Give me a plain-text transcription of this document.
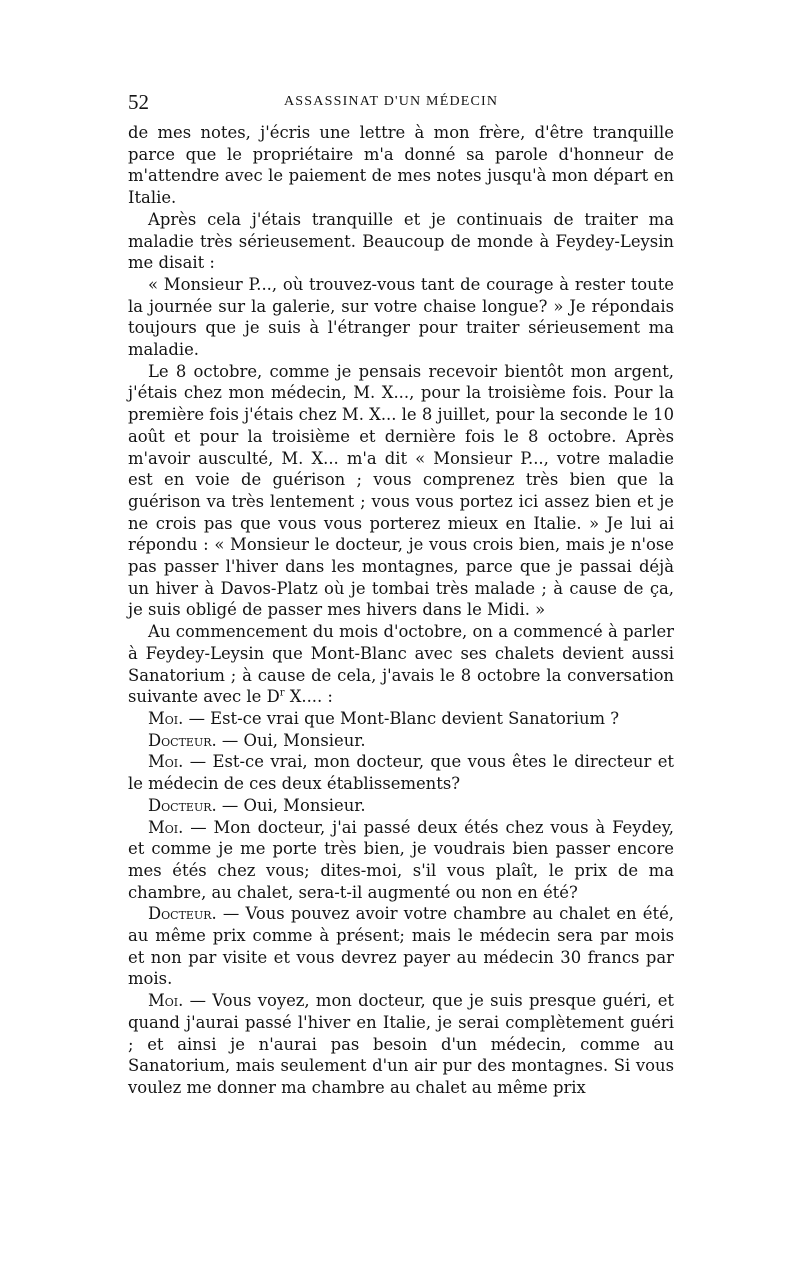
52	ASSASSINAT D'UN MÉDECIN

de mes notes, j'écris une lettre à mon frère, d'être tranquille parce que le propriétaire m'a donné sa parole d'honneur de m'attendre avec le paiement de mes notes jusqu'à mon départ en Italie.

Après cela j'étais tranquille et je continuais de traiter ma maladie très sérieusement. Beaucoup de monde à Feydey-Leysin me disait :

« Monsieur P..., où trouvez-vous tant de courage à rester toute la journée sur la galerie, sur votre chaise longue? » Je répondais toujours que je suis à l'étranger pour traiter sérieusement ma maladie.

Le 8 octobre, comme je pensais recevoir bientôt mon argent, j'étais chez mon médecin, M. X..., pour la troisième fois. Pour la première fois j'étais chez M. X... le 8 juillet, pour la seconde le 10 août et pour la troisième et dernière fois le 8 octobre. Après m'avoir ausculté, M. X... m'a dit « Monsieur P..., votre maladie est en voie de guérison ; vous comprenez très bien que la guérison va très lentement ; vous vous portez ici assez bien et je ne crois pas que vous vous porterez mieux en Italie. » Je lui ai répondu : « Monsieur le docteur, je vous crois bien, mais je n'ose pas passer l'hiver dans les montagnes, parce que je passai déjà un hiver à Davos-Platz où je tombai très malade ; à cause de ça, je suis obligé de passer mes hivers dans le Midi. »

Au commencement du mois d'octobre, on a commencé à parler à Feydey-Leysin que Mont-Blanc avec ses chalets devient aussi Sanatorium ; à cause de cela, j'avais le 8 octobre la conversation suivante avec le $D^r$ X.... :

Moi. — Est-ce vrai que Mont-Blanc devient Sanatorium ?

Docteur. — Oui, Monsieur.

Moi. — Est-ce vrai, mon docteur, que vous êtes le directeur et le médecin de ces deux établissements?

Docteur. — Oui, Monsieur.

Moi. — Mon docteur, j'ai passé deux étés chez vous à Feydey, et comme je me porte très bien, je voudrais bien passer encore mes étés chez vous; dites-moi, s'il vous plaît, le prix de ma chambre, au chalet, sera-t-il augmenté ou non en été?

Docteur. — Vous pouvez avoir votre chambre au chalet en été, au même prix comme à présent; mais le médecin sera par mois et non par visite et vous devrez payer au médecin 30 francs par mois.

Moi. — Vous voyez, mon docteur, que je suis presque guéri, et quand j'aurai passé l'hiver en Italie, je serai complètement guéri ; et ainsi je n'aurai pas besoin d'un médecin, comme au Sanatorium, mais seulement d'un air pur des montagnes. Si vous voulez me donner ma chambre au chalet au même prix
